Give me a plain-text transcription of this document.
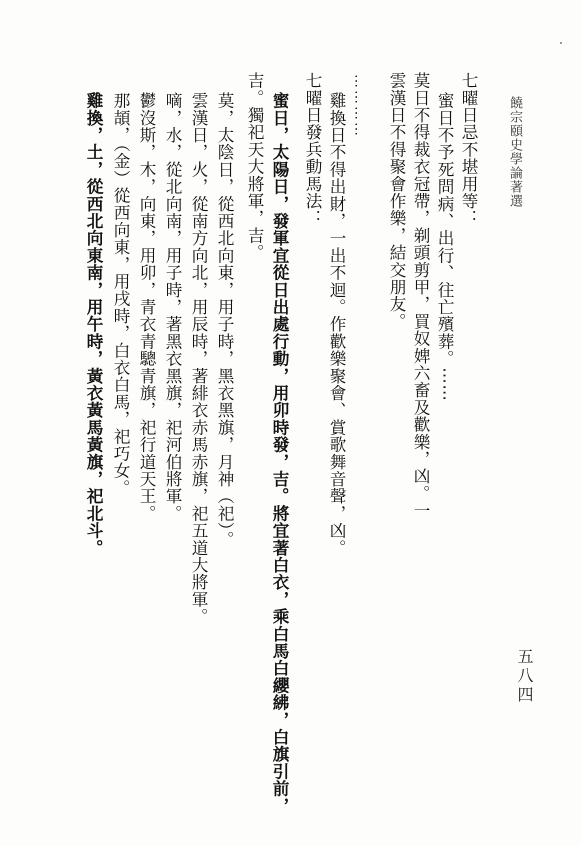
饒宗頤史學論著選
七曜日忌不堪用等：
蜜日不予死問病、出行、往亡殯葬。⋯⋯
莫日不得裁衣冠帶，剃頭剪甲，買奴婢六畜及歡樂，凶。一
雲漢日不得聚會作樂，結交朋友。
⋯⋯⋯⋯
雞換日不得出財，一出不迴。作歡樂聚會、賞歌舞音聲，凶。
七曜日發兵動馬法：
蜜日，太陽日，發軍宜從日出處行動，用卯時發，吉。將宜著白衣，乘白馬白纓紼，白旗引前，
吉。獨祀天大將軍，吉。
莫，太陰日，從西北向東，用子時，黑衣黑旗，月神（祀）。
雲漢日，火，從南方向北，用辰時，著緋衣赤馬赤旗，祀五道大將軍。
嘀，水，從北向南，用子時，著黑衣黑旗，祀河伯將軍。
鬱沒斯，木，向東，用卯，青衣青驄青旗，祀行道天王。
那頡，（金）從西向東，用戌時，白衣白馬，祀巧女。
雞換，土，從西北向東南，用午時，黃衣黃馬黃旗，祀北斗。
五八四
